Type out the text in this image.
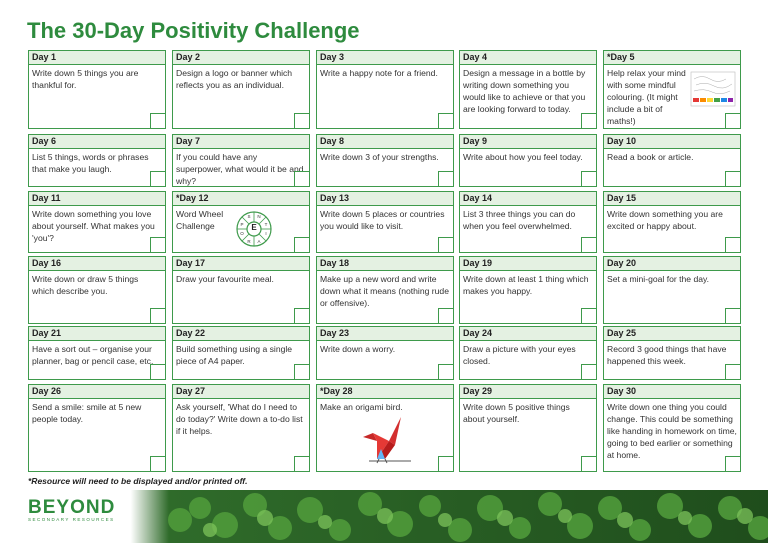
The 30-Day Positivity Challenge
Day 1
Write down 5 things you are thankful for.
Day 2
Design a logo or banner which reflects you as an individual.
Day 3
Write a happy note for a friend.
Day 4
Design a message in a bottle by writing down something you would like to achieve or that you are looking forward to today.
*Day 5
Help relax your mind with some mindful colouring. (It might include a bit of maths!)
Day 6
List 5 things, words or phrases that make you laugh.
Day 7
If you could have any superpower, what would it be and why?
Day 8
Write down 3 of your strengths.
Day 9
Write about how you feel today.
Day 10
Read a book or article.
Day 11
Write down something you love about yourself. What makes you 'you'?
*Day 12
Word Wheel Challenge
S N
T
I
A
R
O
P E
Day 13
Write down 5 places or countries you would like to visit.
Day 14
List 3 three things you can do when you feel overwhelmed.
Day 15
Write down something you are excited or happy about.
Day 16
Write down or draw 5 things which describe you.
Day 17
Draw your favourite meal.
Day 18
Make up a new word and write down what it means (nothing rude or offensive).
Day 19
Write down at least 1 thing which makes you happy.
Day 20
Set a mini-goal for the day.
Day 21
Have a sort out – organise your planner, bag or pencil case, etc.
Day 22
Build something using a single piece of A4 paper.
Day 23
Write down a worry.
Day 24
Draw a picture with your eyes closed.
Day 25
Record 3 good things that have happened this week.
Day 26
Send a smile: smile at 5 new people today.
Day 27
Ask yourself, 'What do I need to do today?' Write down a to-do list if it helps.
*Day 28
Make an origami bird.
Day 29
Write down 5 positive things about yourself.
Day 30
Write down one thing you could change. This could be something like handing in homework on time, going to bed earlier or something at home.
*Resource will need to be displayed and/or printed off.
BEYOND
SECONDARY RESOURCES
